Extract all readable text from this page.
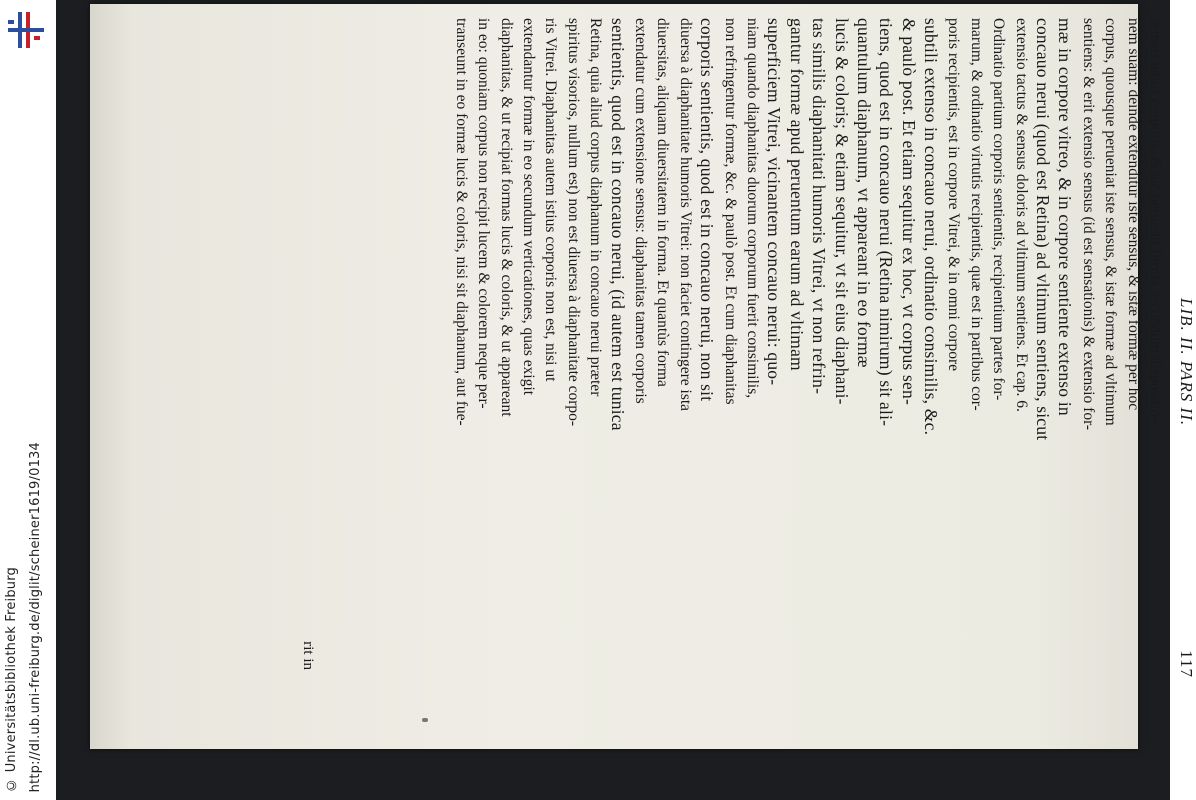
http://dl.ub.uni-freiburg.de/diglit/scheiner1619/0134
© Universitätsbibliothek Freiburg
LIB. II. PARS II.
117
sensus istius corporis, & sic peruenit forma secundum dispositio-
nem suam: deinde extenditur iste sensus, & istæ formæ per hoc
corpus, quousque perueniat iste sensus, & istæ formæ ad vltimum
sentiens: & erit extensio sensus (id est sensationis) & extensio for-
mæ in corpore vitreo, & in corpore sentiente extenso in
concauo nerui (quod est Retina) ad vltimum sentiens, sicut
extensio tactus & sensus doloris ad vltimum sentiens. Et cap. 6.
Ordinatio partium corporis sentientis, recipientium partes for-
marum, & ordinatio virtutis recipientis, quæ est in partibus cor-
poris recipientis, est in corpore Vitrei, & in omni corpore
subtili extenso in concauo nerui, ordinatio consimilis, &c.
& paulò post. Et etiam sequitur ex hoc, vt corpus sen-
tiens, quod est in concauo nerui (Retina nimirum) sit ali-
quantulum diaphanum, vt appareant in eo formæ
lucis & coloris; & etiam sequitur, vt sit eius diaphani-
tas similis diaphanitati humoris Vitrei, vt non refrin-
gantur formæ apud peruentum earum ad vltimam
superficiem Vitrei, vicinantem concauo nerui: quo-
niam quando diaphanitas duorum corporum fuerit consimilis,
non refringentur formæ, &c. & paulò post. Et cum diaphanitas
corporis sentientis, quod est in concauo nerui, non sit
diuersa à diaphanitate humoris Vitrei: non faciet contingere ista
diuersitas, aliquam diuersitatem in forma. Et quantùs forma
extendatur cum extensione sensus: diaphanitas tamen corporis
sentientis, quod est in concauo nerui, (id autem est tunica
Retina, quia aliud corpus diaphanum in concauo nerui præter
spiritus visorios, nullum est) non est diuersa à diaphanitate corpo-
ris Vitrei. Diaphanitas autem istius corporis non est, nisi ut
extendantur formæ in eo secundum verticationes, quas exigit
diaphanitas, & ut recipiat formas lucis & coloris, & ut appareant
in eo: quoniam corpus non recipit lucem & colorem neque per-
transeunt in eo formæ lucis & coloris, nisi sit diaphanum, aut fue-
rit in
